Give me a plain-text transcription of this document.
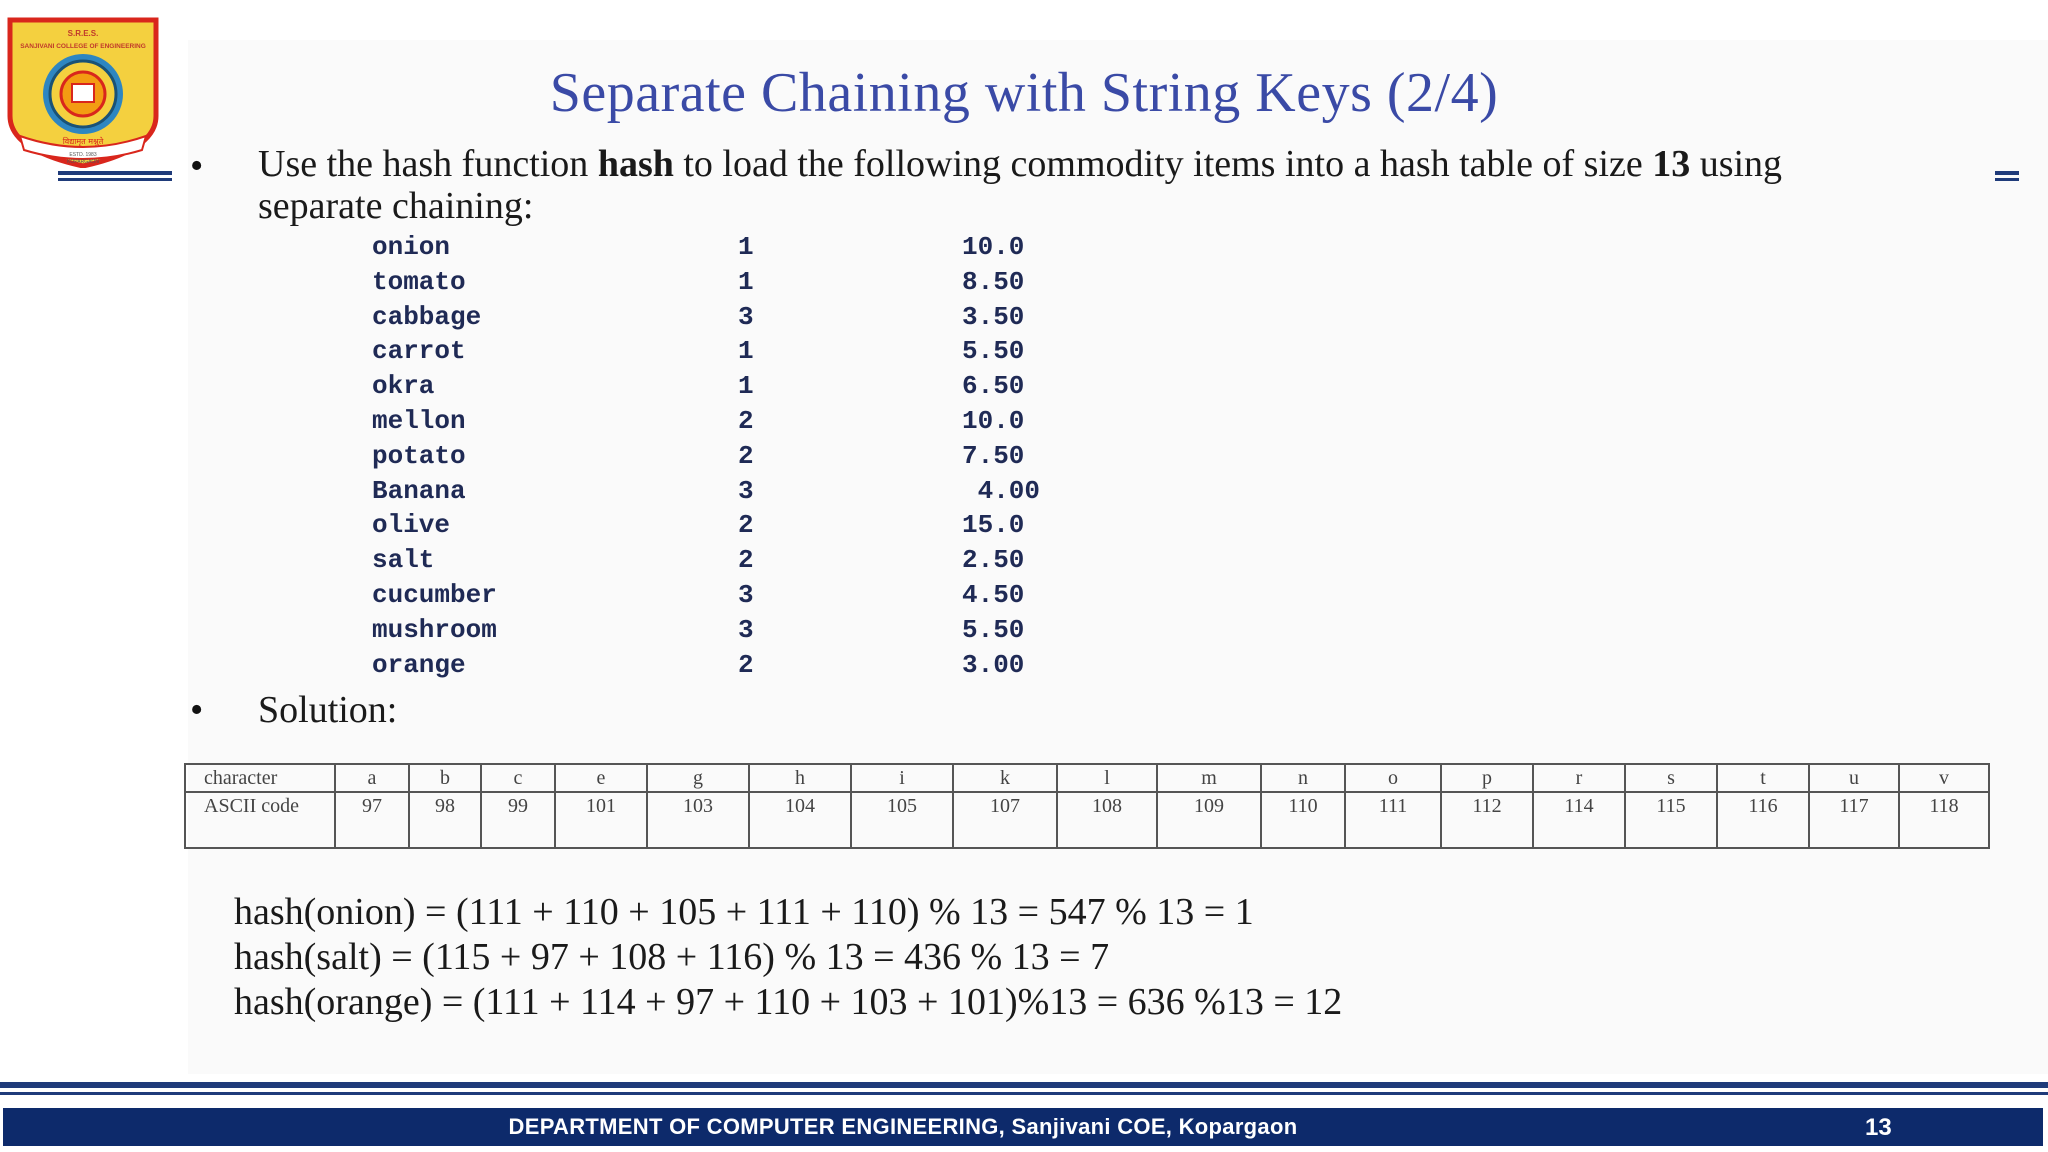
S.R.E.S.
SANJIVANI COLLEGE OF ENGINEERING
विद्यामृत मश्नुते
ESTD. 1983
KOPARGAON
Separate Chaining with String Keys (2/4)
• Use the hash function hash to load the following commodity items into a hash table of size 13 using separate chaining:
onion	1	10.0
tomato	1	8.50
cabbage	3	3.50
carrot	1	5.50
okra	1	6.50
mellon	2	10.0
potato	2	7.50
Banana	3	4.00
olive	2	15.0
salt	2	2.50
cucumber	3	4.50
mushroom	3	5.50
orange	2	3.00
• Solution:
character	a	b	c	e	g	h	i	k	l	m	n	o	p	r	s	t	u	v
ASCII code	97	98	99	101	103	104	105	107	108	109	110	111	112	114	115	116	117	118
hash(onion) = (111 + 110 + 105 + 111 + 110) % 13 = 547 % 13 = 1
hash(salt) = (115 + 97 + 108 + 116) % 13 = 436 % 13 = 7
hash(orange) = (111 + 114 + 97 + 110 + 103 + 101)%13 = 636 %13 = 12
DEPARTMENT OF COMPUTER ENGINEERING, Sanjivani COE, Kopargaon	13
